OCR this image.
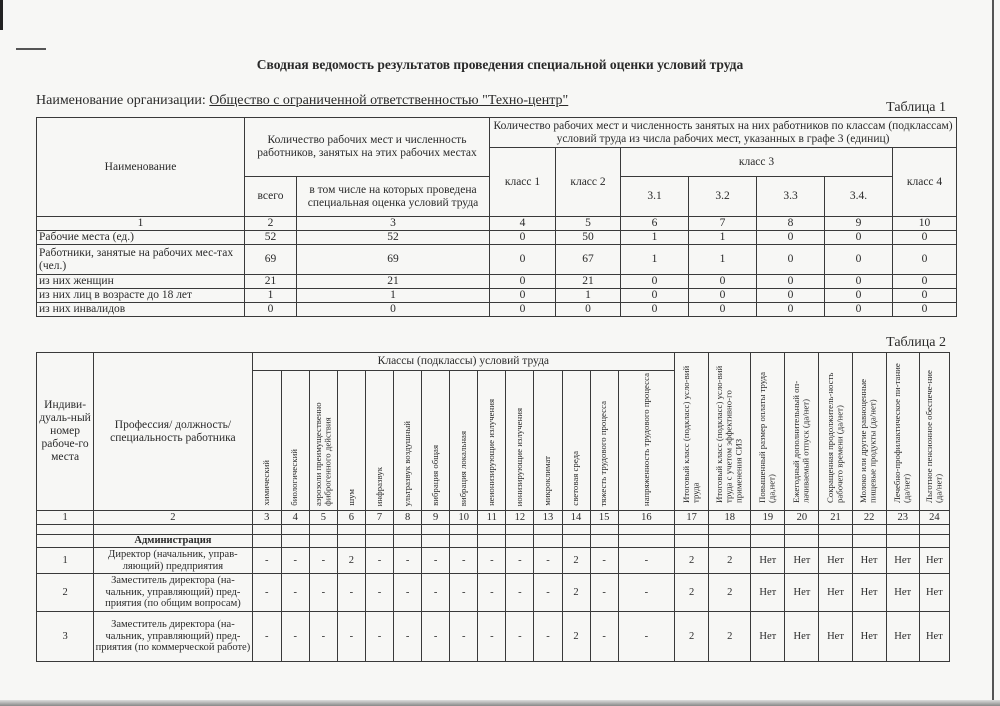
Сводная ведомость результатов проведения специальной оценки условий труда
Наименование организации: Общество с ограниченной ответственностью "Техно-центр"	Таблица 1
Наименование	Количество рабочих мест и численность работников, занятых на этих рабочих местах		Количество рабочих мест и численность занятых на них работников по классам (подклассам) условий труда из числа рабочих мест, указанных в графе 3 (единиц)						
			класс 1	класс 2	класс 3				класс 4
	всего	в том числе на которых проведена специальная оценка условий труда			3.1	3.2	3.3	3.4.	
1	2	3	4	5	6	7	8	9	10
Рабочие места (ед.)	52	52	0	50	1	1	0	0	0
Работники, занятые на рабочих мес-тах (чел.)	69	69	0	67	1	1	0	0	0
из них женщин	21	21	0	21	0	0	0	0	0
из них лиц в возрасте до 18 лет	1	1	0	1	0	0	0	0	0
из них инвалидов	0	0	0	0	0	0	0	0	0
Таблица 2
Индиви-дуаль-ный номер рабоче-го места	Профессия/ должность/ специальность работника	Классы (подклассы) условий труда														Итоговый класс (подкласс) усло-вий труда	Итоговый класс (подкласс) усло-вий труда с учетом эффективно-го применения СИЗ	Повышенный размер оплаты труда (да,нет)	Ежегодный дополнительный оп-лачиваемый отпуск (да/нет)	Сокращенная продолжитель-ность рабочего времени (да/нет)	Молоко или другие равноценные пищевые продукты (да/нет)	Лечебно-профилактическое пи-тание (да/нет)	Льготное пенсионное обеспече-ние (да/нет)

		химический	биологический	аэрозоли преимущественно фиброгенного действия	шум	инфразвук	ультразвук воздушный	вибрация общая	вибрация локальная	неионизирующие излучения	ионизирующие излучения	микроклимат	световая среда	тяжесть трудового процесса	напряженность трудового процесса								

1	2	3	4	5	6	7	8	9	10	11	12	13	14	15	16	17	18	19	20	21	22	23	24

	Администрация																						
1	Директор (начальник, управ-ляющий) предприятия	-	-	-	2	-	-	-	-	-	-	-	2	-	-	2	2	Нет	Нет	Нет	Нет	Нет	Нет
2	Заместитель директора (на-чальник, управляющий) пред-приятия (по общим вопросам)	-	-	-	-	-	-	-	-	-	-	-	2	-	-	2	2	Нет	Нет	Нет	Нет	Нет	Нет
3	Заместитель директора (на-чальник, управляющий) пред-приятия (по коммерческой работе)	-	-	-	-	-	-	-	-	-	-	-	2	-	-	2	2	Нет	Нет	Нет	Нет	Нет	Нет
